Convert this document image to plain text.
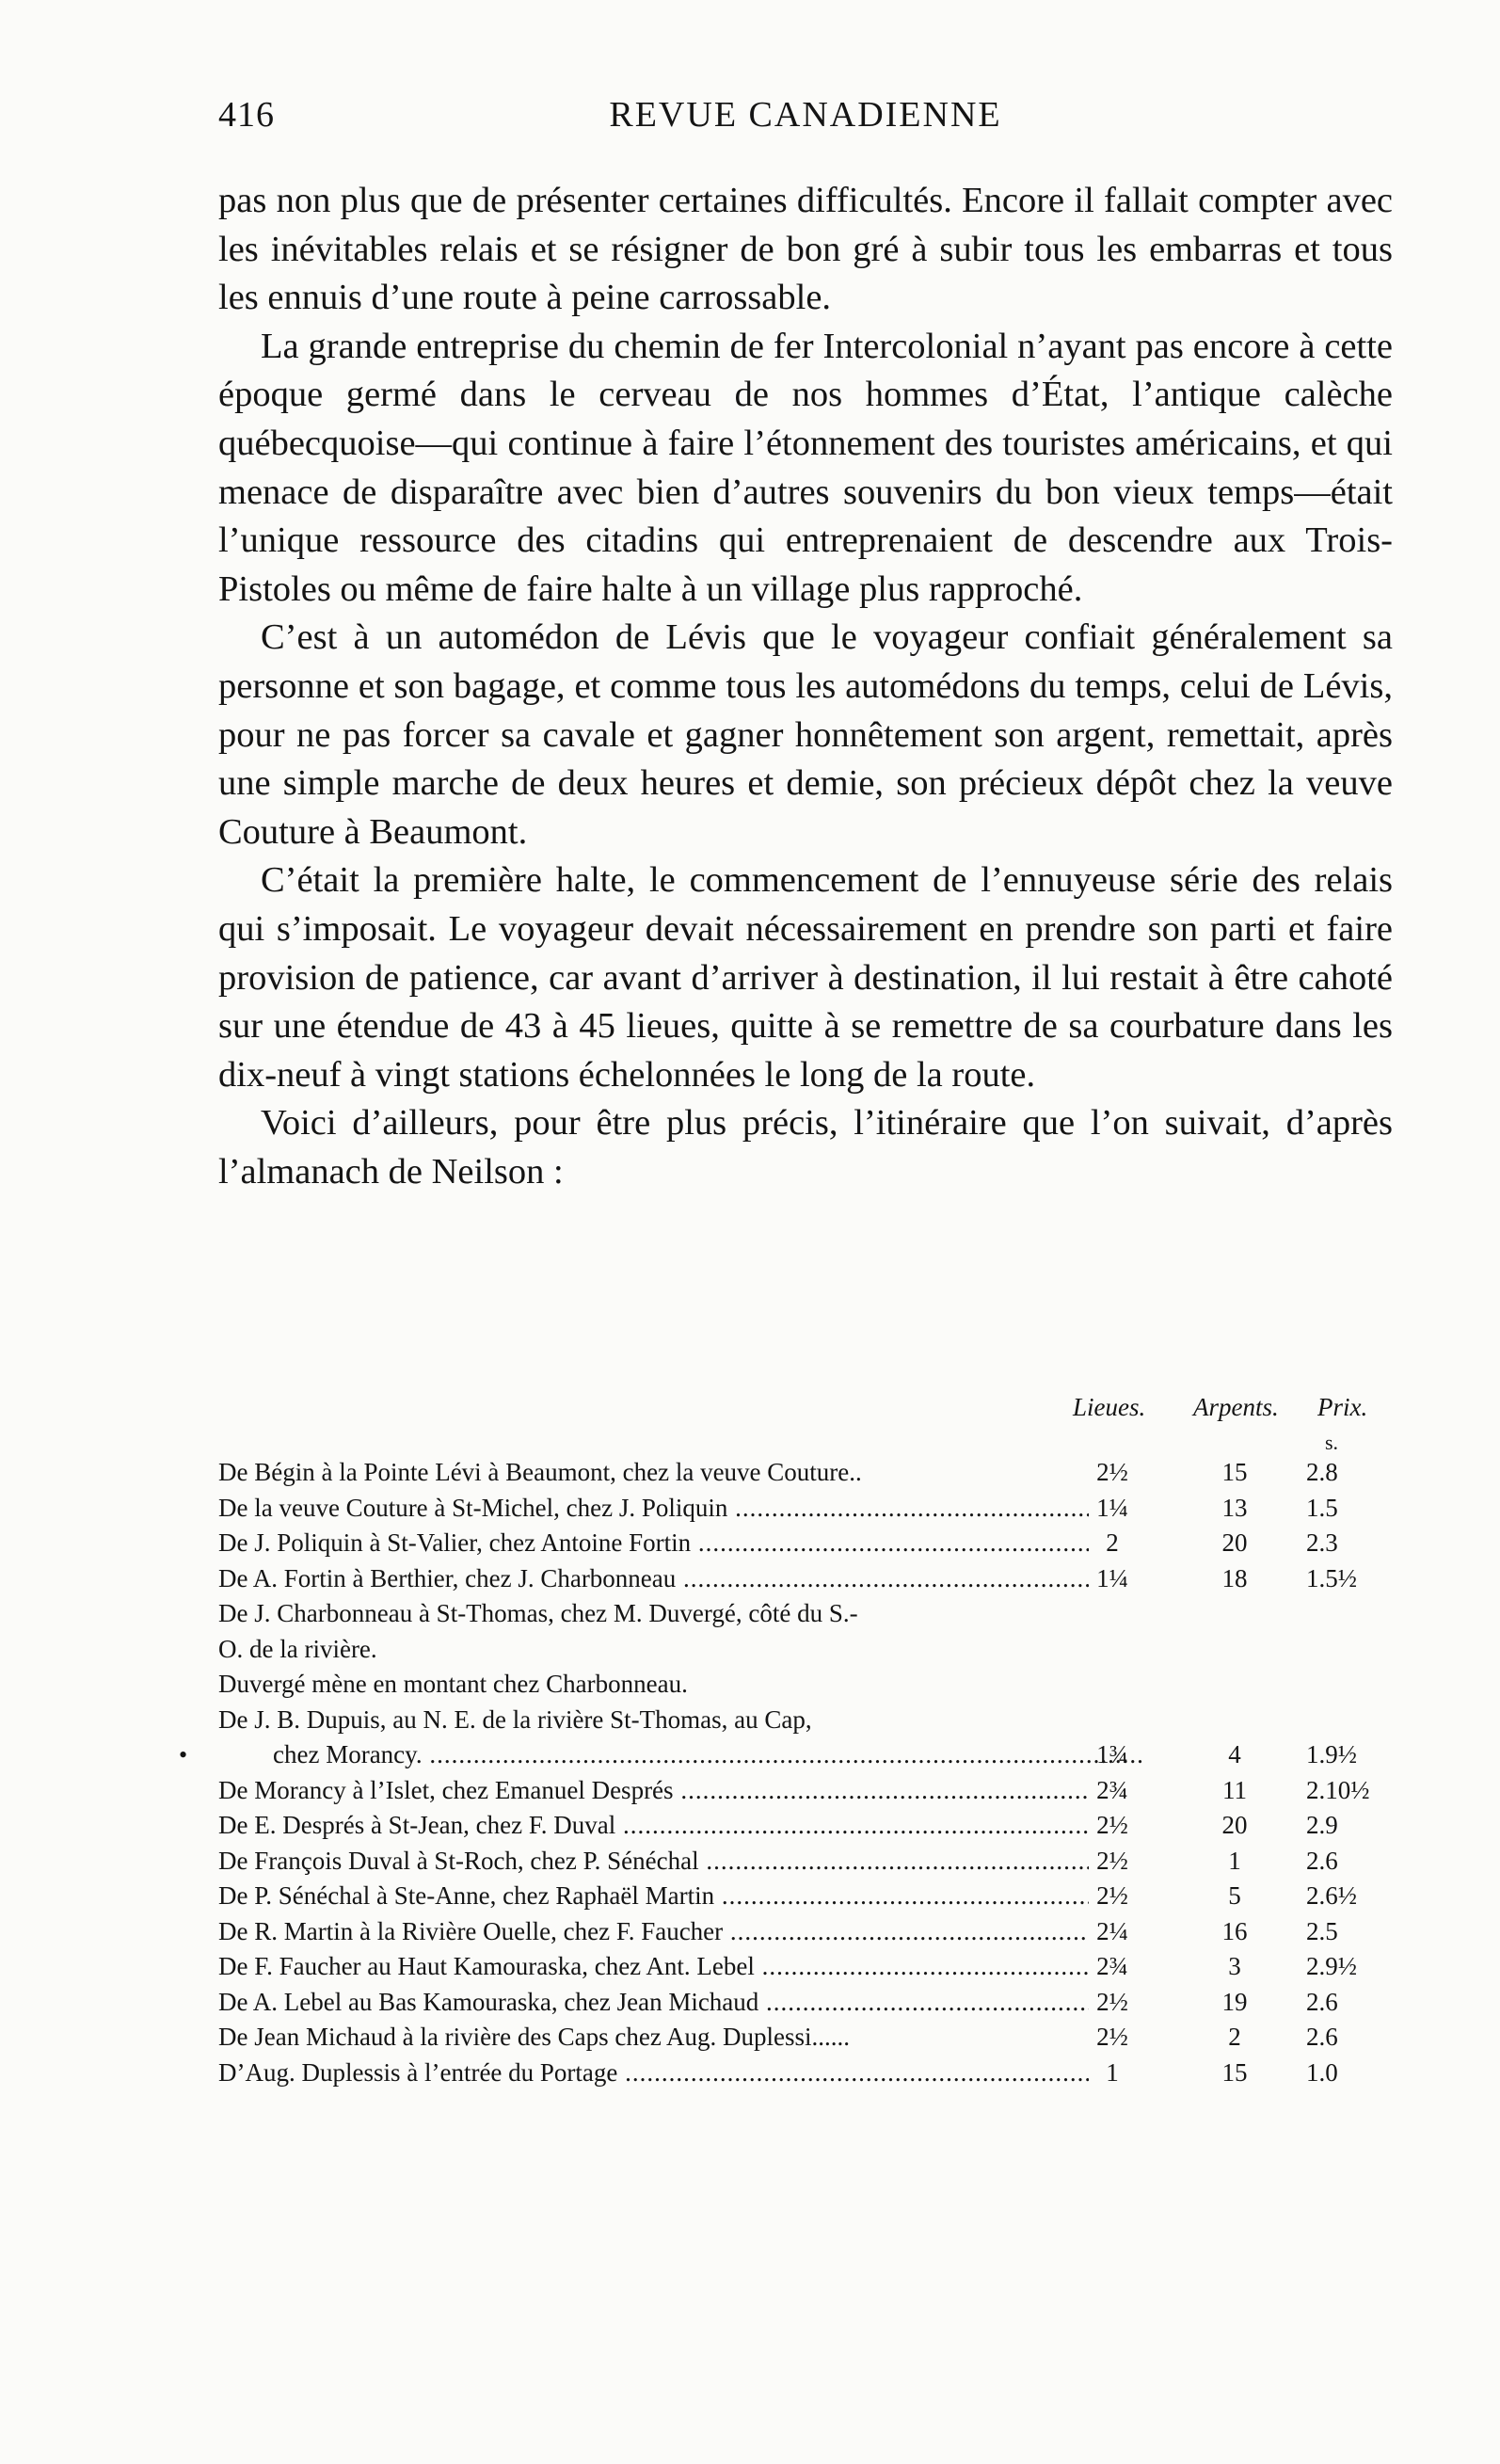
416	REVUE CANADIENNE

pas non plus que de présenter certaines difficultés. Encore il fallait compter avec les inévitables relais et se résigner de bon gré à subir tous les embarras et tous les ennuis d’une route à peine carrossable.

La grande entreprise du chemin de fer Intercolonial n’ayant pas encore à cette époque germé dans le cerveau de nos hommes d’État, l’antique calèche québecquoise—qui continue à faire l’étonnement des touristes américains, et qui menace de disparaître avec bien d’autres souvenirs du bon vieux temps—était l’unique ressource des citadins qui entreprenaient de descendre aux Trois-Pistoles ou même de faire halte à un village plus rapproché.

C’est à un automédon de Lévis que le voyageur confiait généralement sa personne et son bagage, et comme tous les automédons du temps, celui de Lévis, pour ne pas forcer sa cavale et gagner honnêtement son argent, remettait, après une simple marche de deux heures et demie, son précieux dépôt chez la veuve Couture à Beaumont.

C’était la première halte, le commencement de l’ennuyeuse série des relais qui s’imposait. Le voyageur devait nécessairement en prendre son parti et faire provision de patience, car avant d’arriver à destination, il lui restait à être cahoté sur une étendue de 43 à 45 lieues, quitte à se remettre de sa courbature dans les dix-neuf à vingt stations échelonnées le long de la route.

Voici d’ailleurs, pour être plus précis, l’itinéraire que l’on suivait, d’après l’almanach de Neilson :

Lieues. Arpents. Prix.
s.
De Bégin à la Pointe Lévi à Beaumont, chez la veuve Couture..	2½	15	2.8
De la veuve Couture à St-Michel, chez J. Poliquin .....	1¼	13	1.5
De J. Poliquin à St-Valier, chez Antoine Fortin .....	2	20	2.3
De A. Fortin à Berthier, chez J. Charbonneau .....	1¼	18	1.5½
De J. Charbonneau à St-Thomas, chez M. Duvergé, côté du S.-
O. de la rivière.
Duvergé mène en montant chez Charbonneau.
De J. B. Dupuis, au N. E. de la rivière St-Thomas, au Cap,
•	chez Morancy. .....	1¾	4	1.9½
De Morancy à l’Islet, chez Emanuel Després .....	2¾	11	2.10½
De E. Després à St-Jean, chez F. Duval .....	2½	20	2.9
De François Duval à St-Roch, chez P. Sénéchal .....	2½	1	2.6
De P. Sénéchal à Ste-Anne, chez Raphaël Martin .....	2½	5	2.6½
De R. Martin à la Rivière Ouelle, chez F. Faucher .....	2¼	16	2.5
De F. Faucher au Haut Kamouraska, chez Ant. Lebel .....	2¾	3	2.9½
De A. Lebel au Bas Kamouraska, chez Jean Michaud .....	2½	19	2.6
De Jean Michaud à la rivière des Caps chez Aug. Duplessi......	2½	2	2.6
D’Aug. Duplessis à l’entrée du Portage .....	1	15	1.0
